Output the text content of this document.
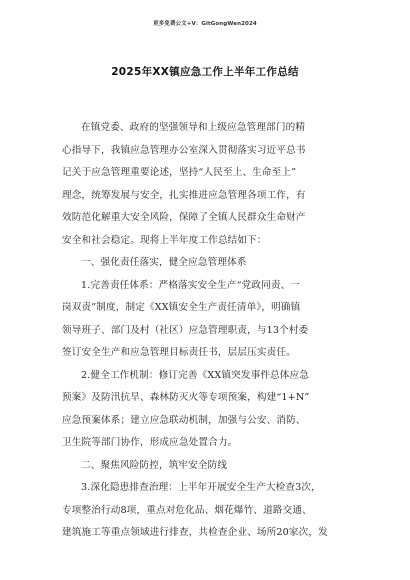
更多免费公文+V：GitGongWen2024
2025年XX镇应急工作上半年工作总结
在镇党委、政府的坚强领导和上级应急管理部门的精
心指导下，我镇应急管理办公室深入贯彻落实习近平总书
记关于应急管理重要论述，坚持“人民至上、生命至上”
理念，统筹发展与安全，扎实推进应急管理各项工作，有
效防范化解重大安全风险，保障了全镇人民群众生命财产
安全和社会稳定。现将上半年度工作总结如下：
一、强化责任落实，健全应急管理体系
1.完善责任体系：严格落实安全生产“党政同责、一
岗双责”制度，制定《XX镇安全生产责任清单》，明确镇
领导班子、部门及村（社区）应急管理职责，与13个村委
签订安全生产和应急管理目标责任书，层层压实责任。
2.健全工作机制：修订完善《XX镇突发事件总体应急
预案》及防汛抗旱、森林防灭火等专项预案，构建“1+N”
应急预案体系；建立应急联动机制，加强与公安、消防、
卫生院等部门协作，形成应急处置合力。
二、聚焦风险防控，筑牢安全防线
3.深化隐患排查治理：上半年开展安全生产大检查3次，
专项整治行动8项，重点对危化品、烟花爆竹、道路交通、
建筑施工等重点领域进行排查，共检查企业、场所20家次，发
